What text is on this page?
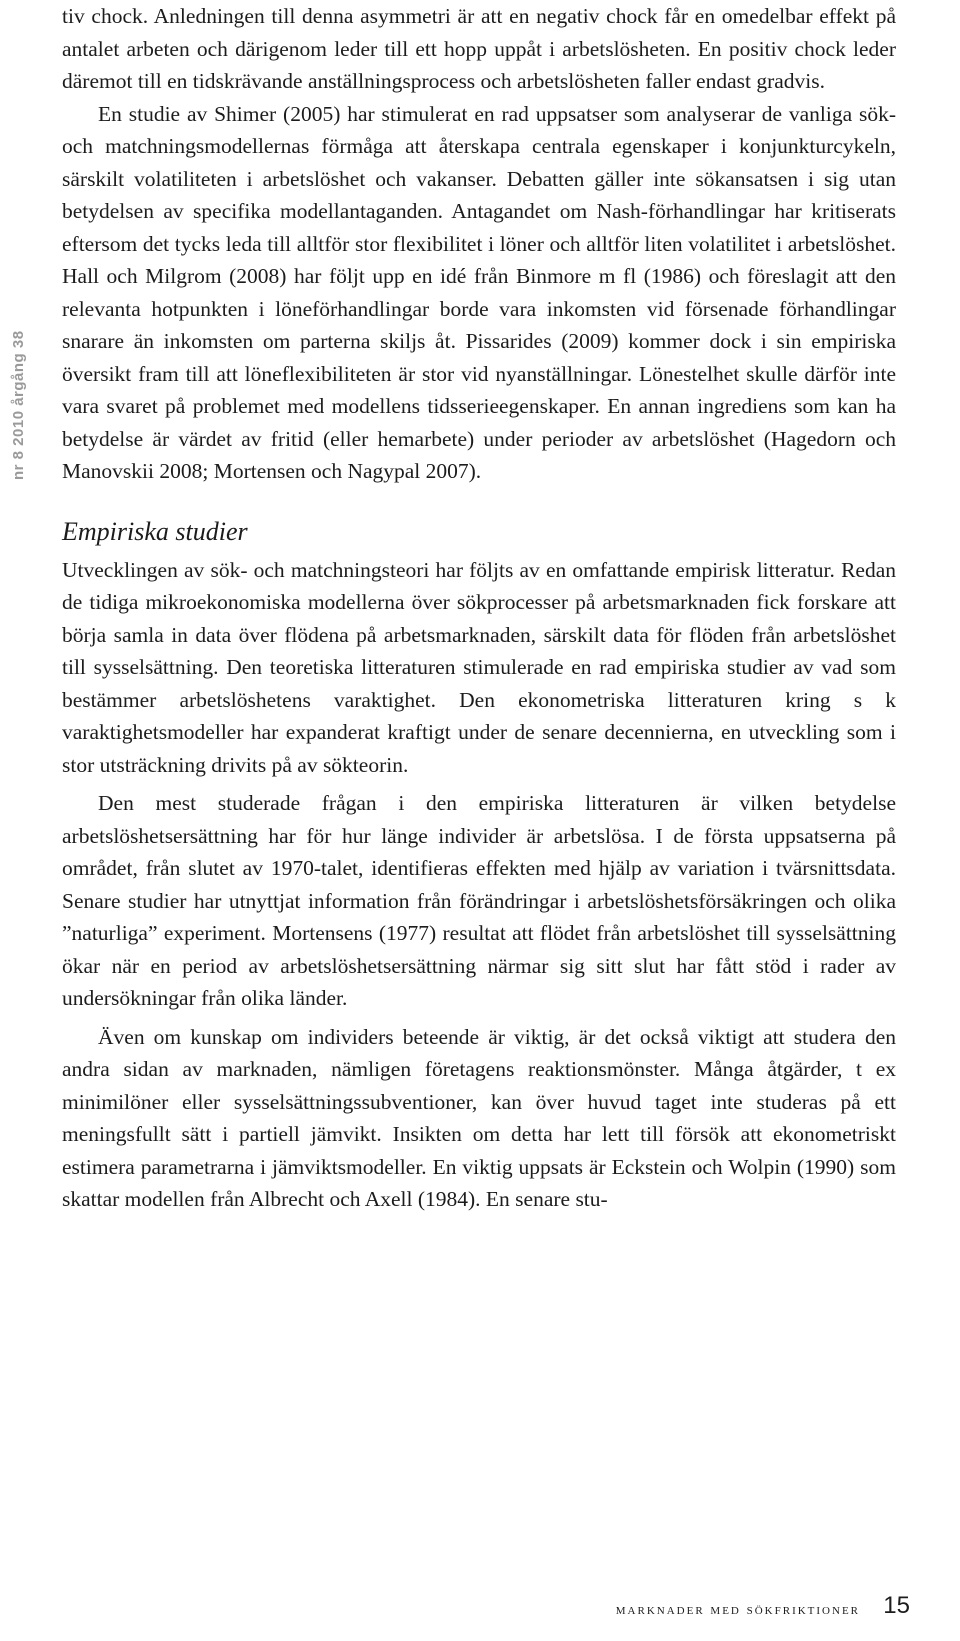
nr 8 2010 årgång 38

tiv chock. Anledningen till denna asymmetri är att en negativ chock får en omedelbar effekt på antalet arbeten och därigenom leder till ett hopp uppåt i arbetslösheten. En positiv chock leder däremot till en tidskrävande anställningsprocess och arbetslösheten faller endast gradvis.

En studie av Shimer (2005) har stimulerat en rad uppsatser som analyserar de vanliga sök- och matchningsmodellernas förmåga att återskapa centrala egenskaper i konjunkturcykeln, särskilt volatiliteten i arbetslöshet och vakanser. Debatten gäller inte sökansatsen i sig utan betydelsen av specifika modellantaganden. Antagandet om Nash-förhandlingar har kritiserats eftersom det tycks leda till alltför stor flexibilitet i löner och alltför liten volatilitet i arbetslöshet. Hall och Milgrom (2008) har följt upp en idé från Binmore m fl (1986) och föreslagit att den relevanta hotpunkten i löneförhandlingar borde vara inkomsten vid försenade förhandlingar snarare än inkomsten om parterna skiljs åt. Pissarides (2009) kommer dock i sin empiriska översikt fram till att löneflexibiliteten är stor vid nyanställningar. Lönestelhet skulle därför inte vara svaret på problemet med modellens tidsserieegenskaper. En annan ingrediens som kan ha betydelse är värdet av fritid (eller hemarbete) under perioder av arbetslöshet (Hagedorn och Manovskii 2008; Mortensen och Nagypal 2007).

Empiriska studier

Utvecklingen av sök- och matchningsteori har följts av en omfattande empirisk litteratur. Redan de tidiga mikroekonomiska modellerna över sökprocesser på arbetsmarknaden fick forskare att börja samla in data över flödena på arbetsmarknaden, särskilt data för flöden från arbetslöshet till sysselsättning. Den teoretiska litteraturen stimulerade en rad empiriska studier av vad som bestämmer arbetslöshetens varaktighet. Den ekonometriska litteraturen kring s k varaktighetsmodeller har expanderat kraftigt under de senare decennierna, en utveckling som i stor utsträckning drivits på av sökteorin.

Den mest studerade frågan i den empiriska litteraturen är vilken betydelse arbetslöshetsersättning har för hur länge individer är arbetslösa. I de första uppsatserna på området, från slutet av 1970-talet, identifieras effekten med hjälp av variation i tvärsnittsdata. Senare studier har utnyttjat information från förändringar i arbetslöshetsförsäkringen och olika ”naturliga” experiment. Mortensens (1977) resultat att flödet från arbetslöshet till sysselsättning ökar när en period av arbetslöshetsersättning närmar sig sitt slut har fått stöd i rader av undersökningar från olika länder.

Även om kunskap om individers beteende är viktig, är det också viktigt att studera den andra sidan av marknaden, nämligen företagens reaktionsmönster. Många åtgärder, t ex minimilöner eller sysselsättningssubventioner, kan över huvud taget inte studeras på ett meningsfullt sätt i partiell jämvikt. Insikten om detta har lett till försök att ekonometriskt estimera parametrarna i jämviktsmodeller. En viktig uppsats är Eckstein och Wolpin (1990) som skattar modellen från Albrecht och Axell (1984). En senare stu-

marknader med sökfriktioner 15
